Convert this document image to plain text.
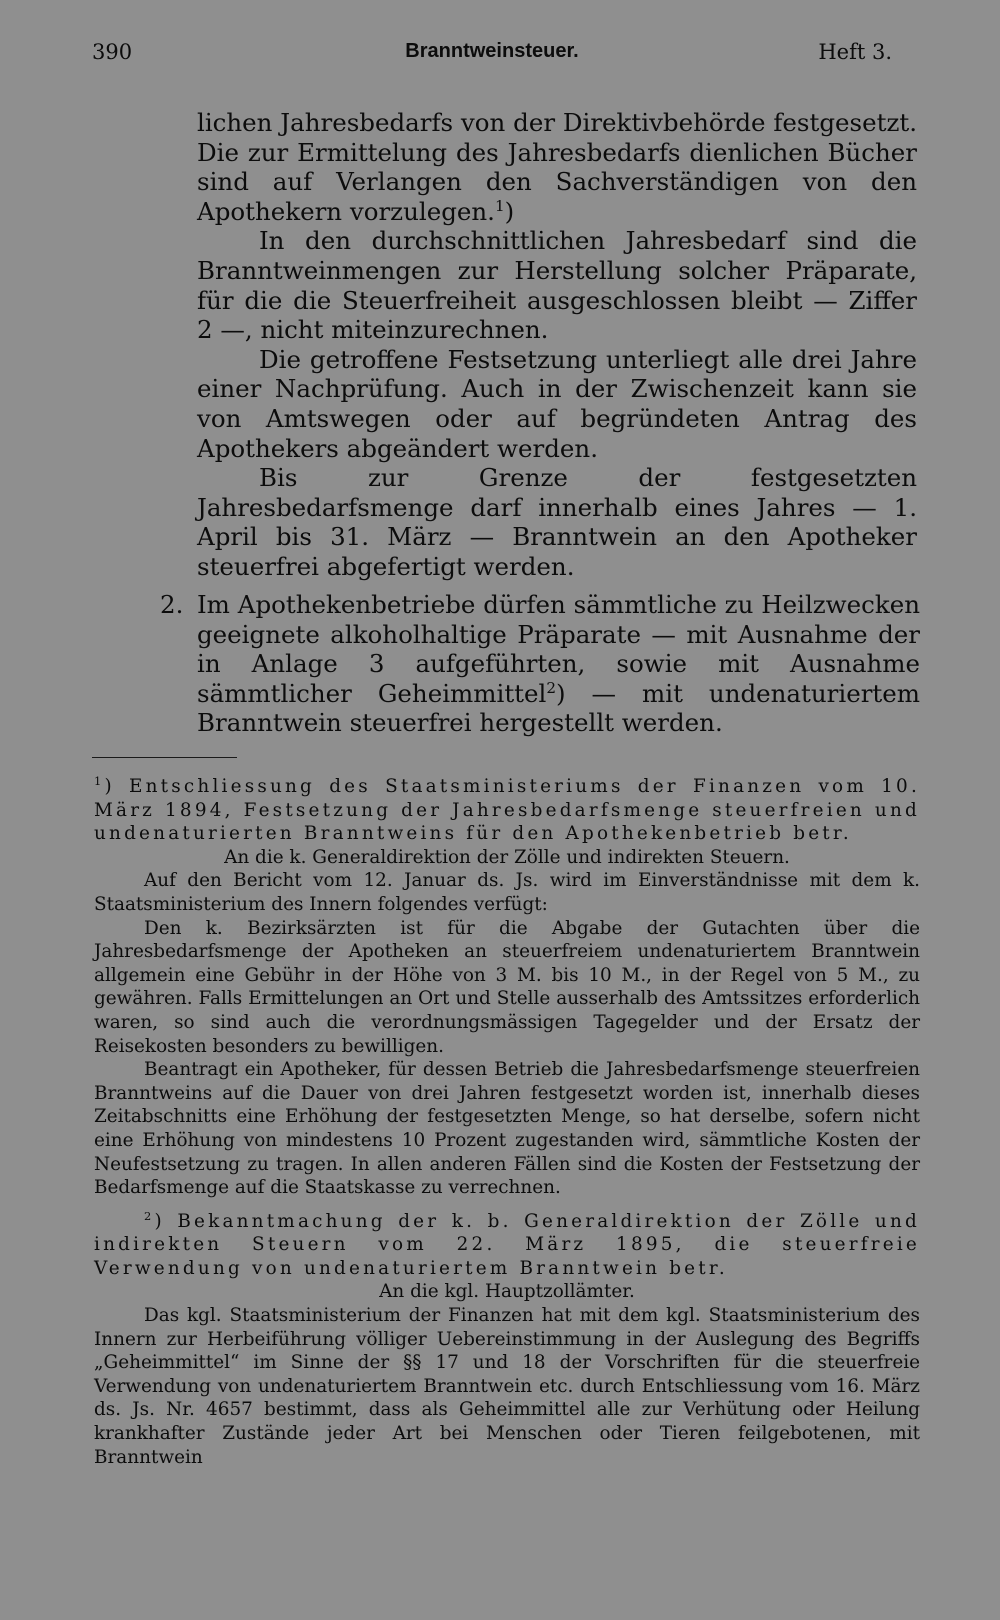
390	Branntweinsteuer.	Heft 3.

lichen Jahresbedarfs von der Direktivbehörde festgesetzt. Die zur Ermittelung des Jahresbedarfs dienlichen Bücher sind auf Verlangen den Sachverständigen von den Apothekern vorzulegen.$^1$)

In den durchschnittlichen Jahresbedarf sind die Branntweinmengen zur Herstellung solcher Präparate, für die die Steuerfreiheit ausgeschlossen bleibt — Ziffer 2 —, nicht miteinzurechnen.

Die getroffene Festsetzung unterliegt alle drei Jahre einer Nachprüfung. Auch in der Zwischenzeit kann sie von Amtswegen oder auf begründeten Antrag des Apothekers abgeändert werden.

Bis zur Grenze der festgesetzten Jahresbedarfsmenge darf innerhalb eines Jahres — 1. April bis 31. März — Branntwein an den Apotheker steuerfrei abgefertigt werden.

2. Im Apothekenbetriebe dürfen sämmtliche zu Heilzwecken geeignete alkoholhaltige Präparate — mit Ausnahme der in Anlage 3 aufgeführten, sowie mit Ausnahme sämmtlicher Geheimmittel$^2$) — mit undenaturiertem Branntwein steuerfrei hergestellt werden.

$^1$) Entschliessung des Staatsministeriums der Finanzen vom 10. März 1894, Festsetzung der Jahresbedarfsmenge steuerfreien und undenaturierten Branntweins für den Apothekenbetrieb betr.

An die k. Generaldirektion der Zölle und indirekten Steuern.

Auf den Bericht vom 12. Januar ds. Js. wird im Einverständnisse mit dem k. Staatsministerium des Innern folgendes verfügt:

Den k. Bezirksärzten ist für die Abgabe der Gutachten über die Jahresbedarfsmenge der Apotheken an steuerfreiem undenaturiertem Branntwein allgemein eine Gebühr in der Höhe von 3 M. bis 10 M., in der Regel von 5 M., zu gewähren. Falls Ermittelungen an Ort und Stelle ausserhalb des Amtssitzes erforderlich waren, so sind auch die verordnungsmässigen Tagegelder und der Ersatz der Reisekosten besonders zu bewilligen.

Beantragt ein Apotheker, für dessen Betrieb die Jahresbedarfsmenge steuerfreien Branntweins auf die Dauer von drei Jahren festgesetzt worden ist, innerhalb dieses Zeitabschnitts eine Erhöhung der festgesetzten Menge, so hat derselbe, sofern nicht eine Erhöhung von mindestens 10 Prozent zugestanden wird, sämmtliche Kosten der Neufestsetzung zu tragen. In allen anderen Fällen sind die Kosten der Festsetzung der Bedarfsmenge auf die Staatskasse zu verrechnen.

$^2$) Bekanntmachung der k. b. Generaldirektion der Zölle und indirekten Steuern vom 22. März 1895, die steuerfreie Verwendung von undenaturiertem Branntwein betr.

An die kgl. Hauptzollämter.

Das kgl. Staatsministerium der Finanzen hat mit dem kgl. Staatsministerium des Innern zur Herbeiführung völliger Uebereinstimmung in der Auslegung des Begriffs „Geheimmittel“ im Sinne der §§ 17 und 18 der Vorschriften für die steuerfreie Verwendung von undenaturiertem Branntwein etc. durch Entschliessung vom 16. März ds. Js. Nr. 4657 bestimmt, dass als Geheimmittel alle zur Verhütung oder Heilung krankhafter Zustände jeder Art bei Menschen oder Tieren feilgebotenen, mit Branntwein
